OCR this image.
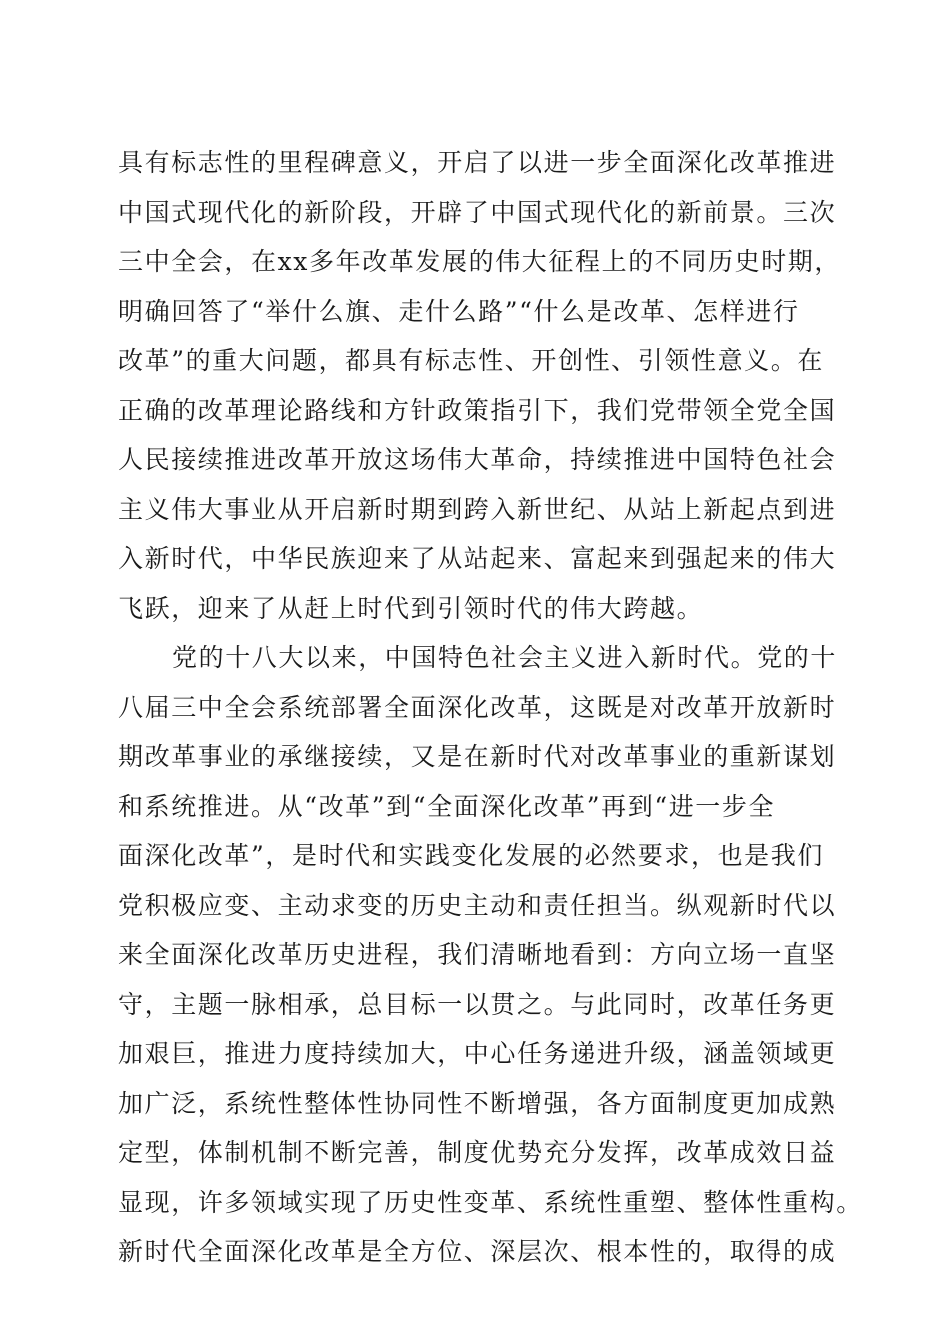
具有标志性的里程碑意义，开启了以进一步全面深化改革推进
中国式现代化的新阶段，开辟了中国式现代化的新前景。三次
三中全会，在xx多年改革发展的伟大征程上的不同历史时期，
明确回答了“举什么旗、走什么路”“什么是改革、怎样进行
改革”的重大问题，都具有标志性、开创性、引领性意义。在
正确的改革理论路线和方针政策指引下，我们党带领全党全国
人民接续推进改革开放这场伟大革命，持续推进中国特色社会
主义伟大事业从开启新时期到跨入新世纪、从站上新起点到进
入新时代，中华民族迎来了从站起来、富起来到强起来的伟大
飞跃，迎来了从赶上时代到引领时代的伟大跨越。
党的十八大以来，中国特色社会主义进入新时代。党的十
八届三中全会系统部署全面深化改革，这既是对改革开放新时
期改革事业的承继接续，又是在新时代对改革事业的重新谋划
和系统推进。从“改革”到“全面深化改革”再到“进一步全
面深化改革”，是时代和实践变化发展的必然要求，也是我们
党积极应变、主动求变的历史主动和责任担当。纵观新时代以
来全面深化改革历史进程，我们清晰地看到：方向立场一直坚
守，主题一脉相承，总目标一以贯之。与此同时，改革任务更
加艰巨，推进力度持续加大，中心任务递进升级，涵盖领域更
加广泛，系统性整体性协同性不断增强，各方面制度更加成熟
定型，体制机制不断完善，制度优势充分发挥，改革成效日益
显现，许多领域实现了历史性变革、系统性重塑、整体性重构。
新时代全面深化改革是全方位、深层次、根本性的，取得的成
